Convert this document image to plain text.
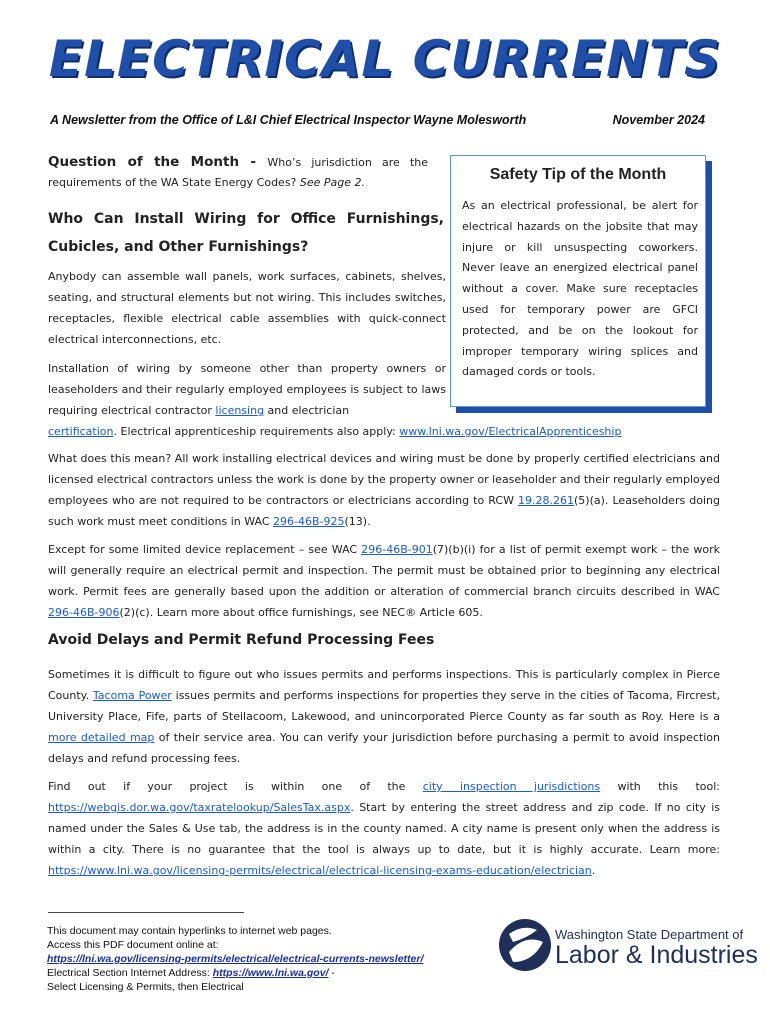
ELECTRICAL CURRENTS
A Newsletter from the Office of L&I Chief Electrical Inspector Wayne Molesworth	November 2024
Question of the Month - Who’s jurisdiction are the requirements of the WA State Energy Codes? See Page 2.
Who Can Install Wiring for Office Furnishings, Cubicles, and Other Furnishings?

Anybody can assemble wall panels, work surfaces, cabinets, shelves, seating, and structural elements but not wiring. This includes switches, receptacles, flexible electrical cable assemblies with quick-connect electrical interconnections, etc.

Installation of wiring by someone other than property owners or leaseholders and their regularly employed employees is subject to laws requiring electrical contractor licensing and electrician

certification. Electrical apprenticeship requirements also apply: www.lni.wa.gov/ElectricalApprenticeship

Safety Tip of the Month
As an electrical professional, be alert for electrical hazards on the jobsite that may injure or kill unsuspecting coworkers. Never leave an energized electrical panel without a cover. Make sure receptacles used for temporary power are GFCI protected, and be on the lookout for improper temporary wiring splices and damaged cords or tools.

What does this mean? All work installing electrical devices and wiring must be done by properly certified electricians and licensed electrical contractors unless the work is done by the property owner or leaseholder and their regularly employed employees who are not required to be contractors or electricians according to RCW 19.28.261(5)(a). Leaseholders doing such work must meet conditions in WAC 296-46B-925(13).

Except for some limited device replacement – see WAC 296-46B-901(7)(b)(i) for a list of permit exempt work – the work will generally require an electrical permit and inspection. The permit must be obtained prior to beginning any electrical work. Permit fees are generally based upon the addition or alteration of commercial branch circuits described in WAC 296-46B-906(2)(c). Learn more about office furnishings, see NEC® Article 605.

Avoid Delays and Permit Refund Processing Fees

Sometimes it is difficult to figure out who issues permits and performs inspections. This is particularly complex in Pierce County. Tacoma Power issues permits and performs inspections for properties they serve in the cities of Tacoma, Fircrest, University Place, Fife, parts of Steilacoom, Lakewood, and unincorporated Pierce County as far south as Roy. Here is a more detailed map of their service area. You can verify your jurisdiction before purchasing a permit to avoid inspection delays and refund processing fees.

Find out if your project is within one of the city inspection jurisdictions with this tool: https://webgis.dor.wa.gov/taxratelookup/SalesTax.aspx. Start by entering the street address and zip code. If no city is named under the Sales & Use tab, the address is in the county named. A city name is present only when the address is within a city. There is no guarantee that the tool is always up to date, but it is highly accurate. Learn more: https://www.lni.wa.gov/licensing-permits/electrical/electrical-licensing-exams-education/electrician.

This document may contain hyperlinks to internet web pages.
Access this PDF document online at:
https://lni.wa.gov/licensing-permits/electrical/electrical-currents-newsletter/
Electrical Section Internet Address: https://www.lni.wa.gov/ -
Select Licensing & Permits, then Electrical
Washington State Department of
Labor & Industries
